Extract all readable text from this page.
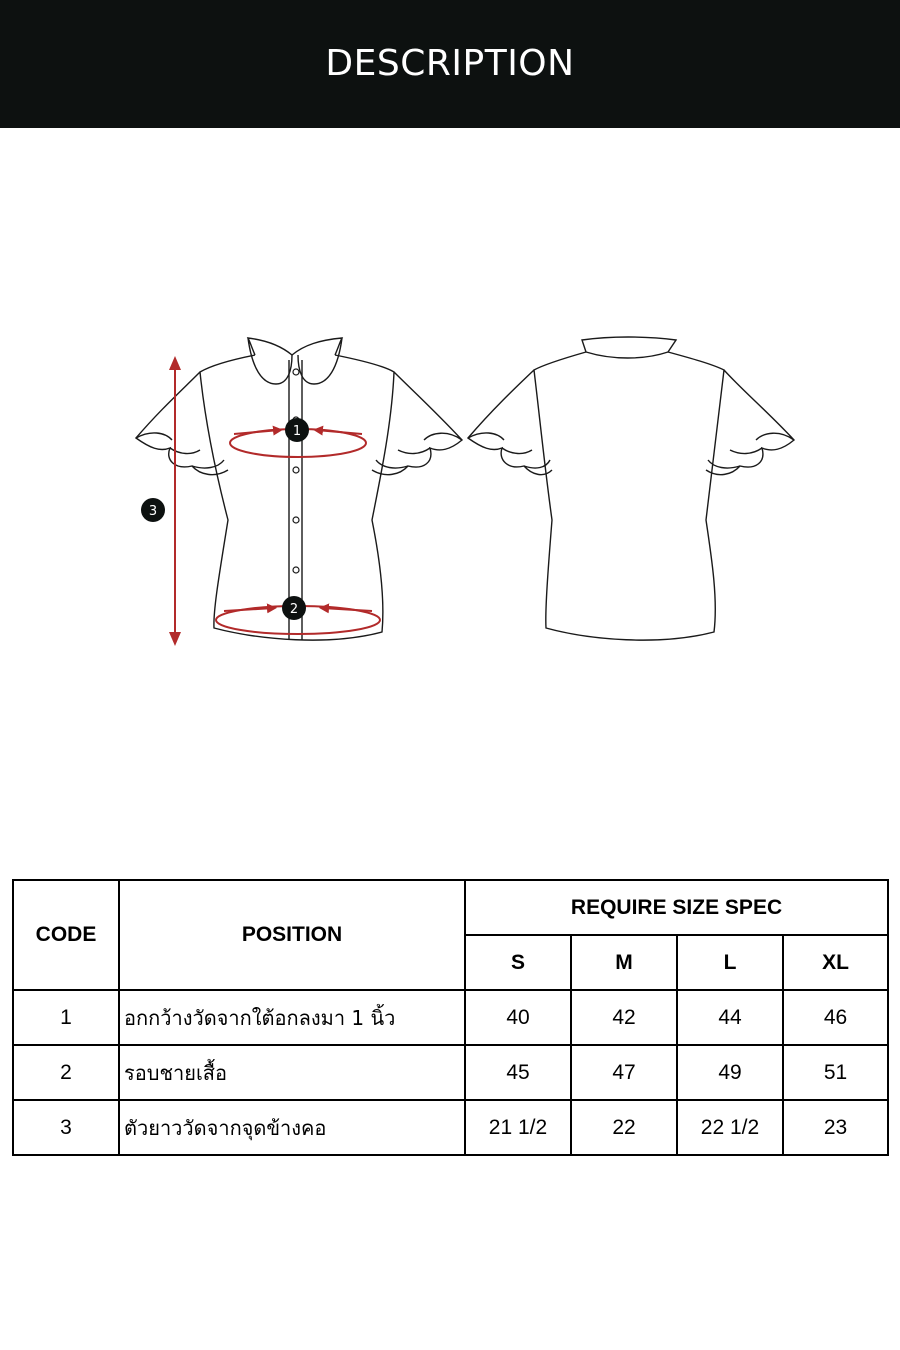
DESCRIPTION
1
2
3
CODE	POSITION	REQUIRE SIZE SPEC			
		S	M	L	XL
1	อกกว้างวัดจากใต้อกลงมา 1 นิ้ว	40	42	44	46
2	รอบชายเสื้อ	45	47	49	51
3	ตัวยาววัดจากจุดข้างคอ	21 1/2	22	22 1/2	23
